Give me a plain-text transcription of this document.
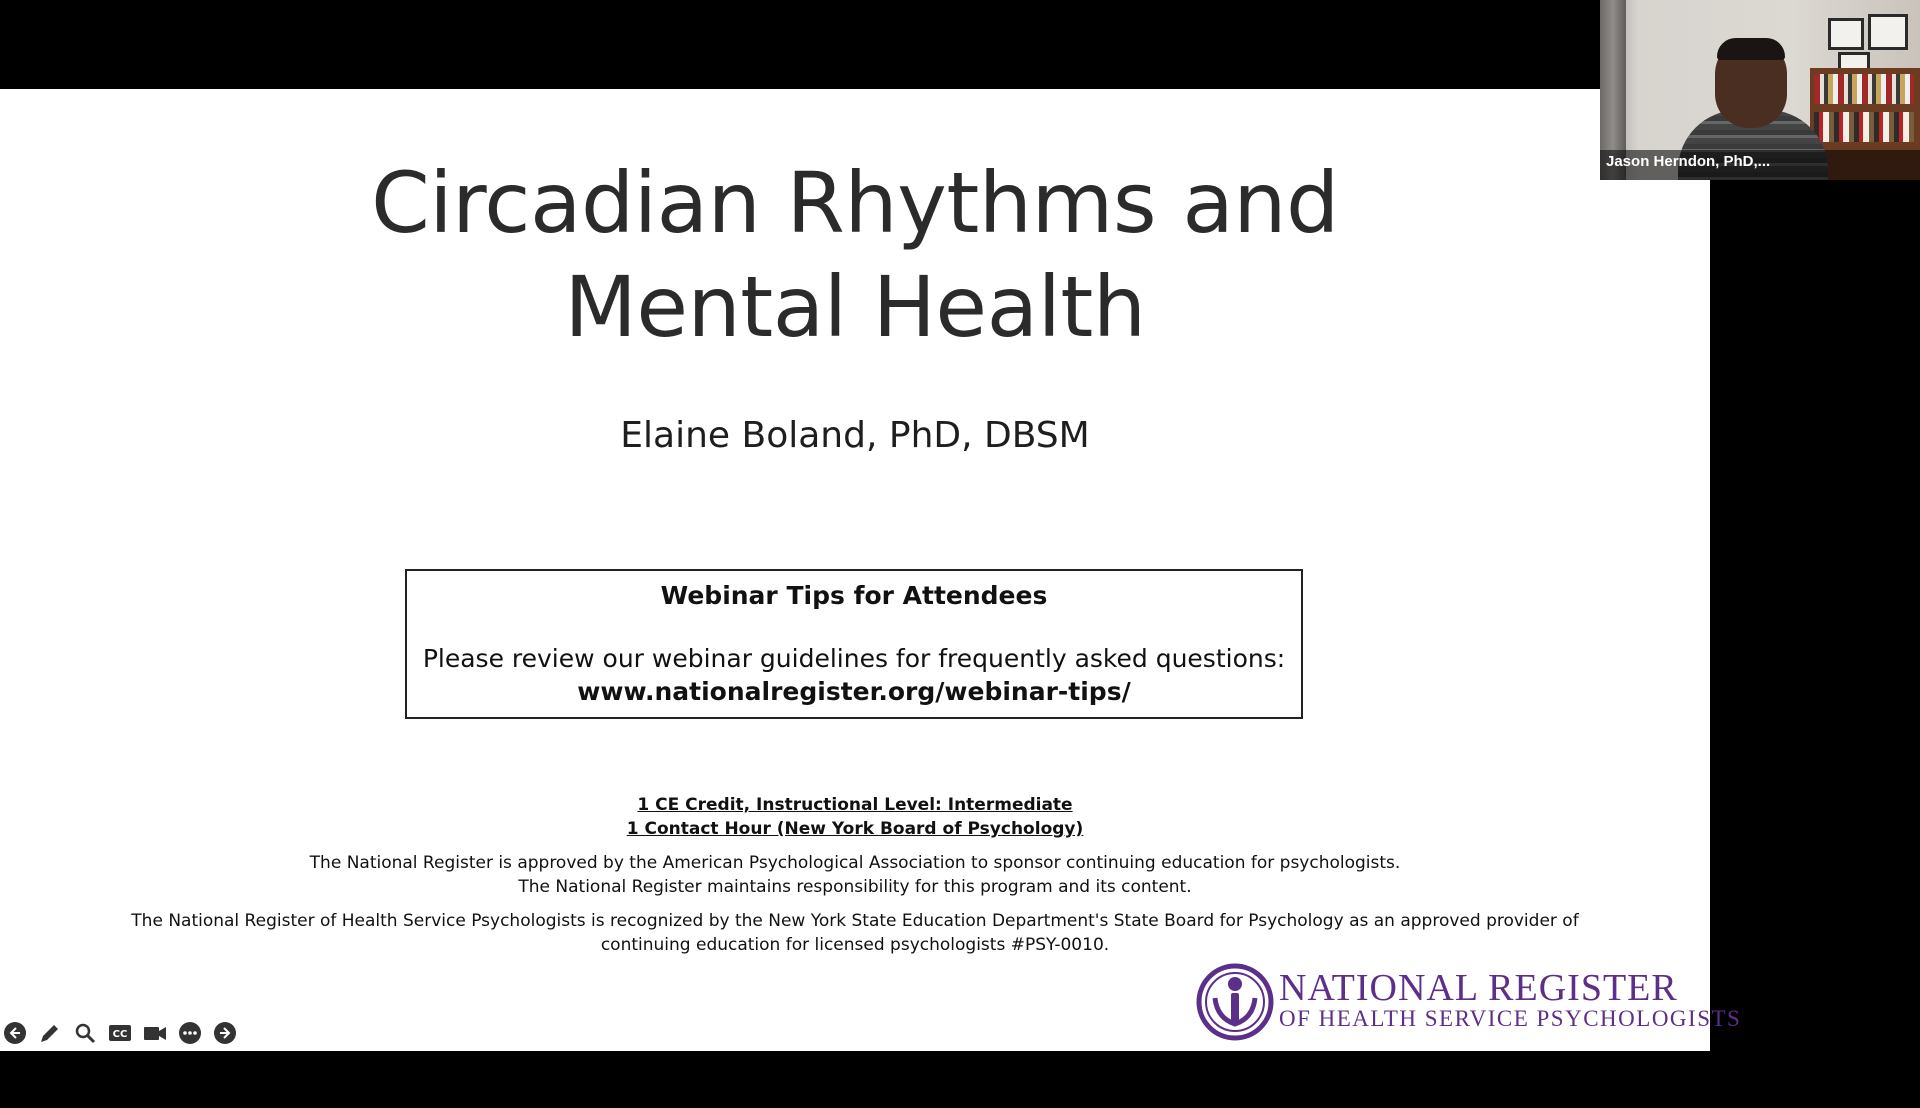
Circadian Rhythms and
Mental Health
Elaine Boland, PhD, DBSM
Webinar Tips for Attendees
Please review our webinar guidelines for frequently asked questions:
www.nationalregister.org/webinar-tips/
1 CE Credit, Instructional Level: Intermediate
1 Contact Hour (New York Board of Psychology)
The National Register is approved by the American Psychological Association to sponsor continuing education for psychologists.
The National Register maintains responsibility for this program and its content.
The National Register of Health Service Psychologists is recognized by the New York State Education Department's State Board for Psychology as an approved provider of
continuing education for licensed psychologists #PSY-0010.
NATIONAL REGISTER
OF HEALTH SERVICE PSYCHOLOGISTS
CC
Jason Herndon, PhD,...
